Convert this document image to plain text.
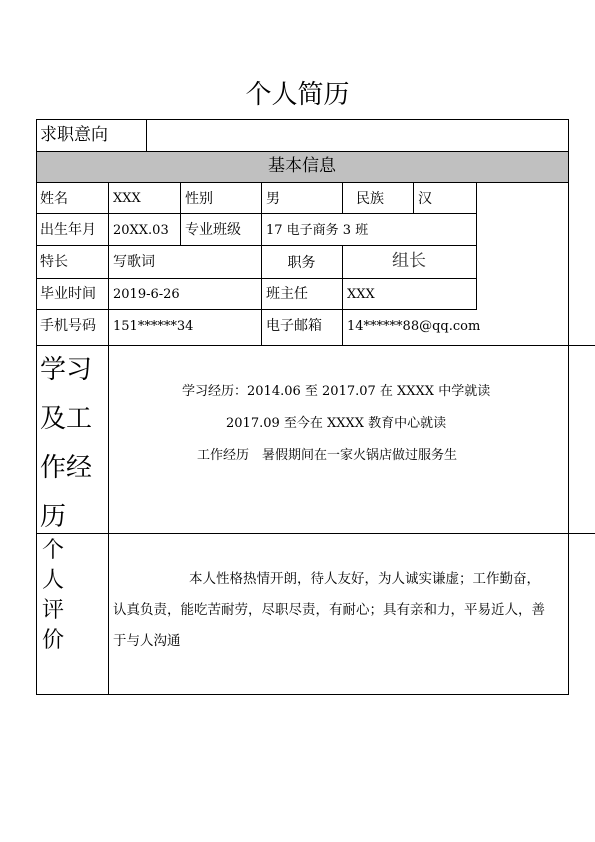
个人简历
求职意向
基本信息
姓名	XXX	性别	男	民族 汉
出生年月 20XX.03 专业班级 17 电子商务 3 班
特长	写歌词	职务	组长
毕业时间 2019-6-26	班主任	XXX
手机号码 151******34	电子邮箱 14******88@qq.com
学习
及工
作经
历
学习经历：2014.06 至 2017.07 在 XXXX 中学就读
2017.09 至今在 XXXX 教育中心就读
工作经历　暑假期间在一家火锅店做过服务生
个
人
评
价
本人性格热情开朗，待人友好，为人诚实谦虚；工作勤奋，
认真负责，能吃苦耐劳，尽职尽责，有耐心；具有亲和力，平易近人，善
于与人沟通
